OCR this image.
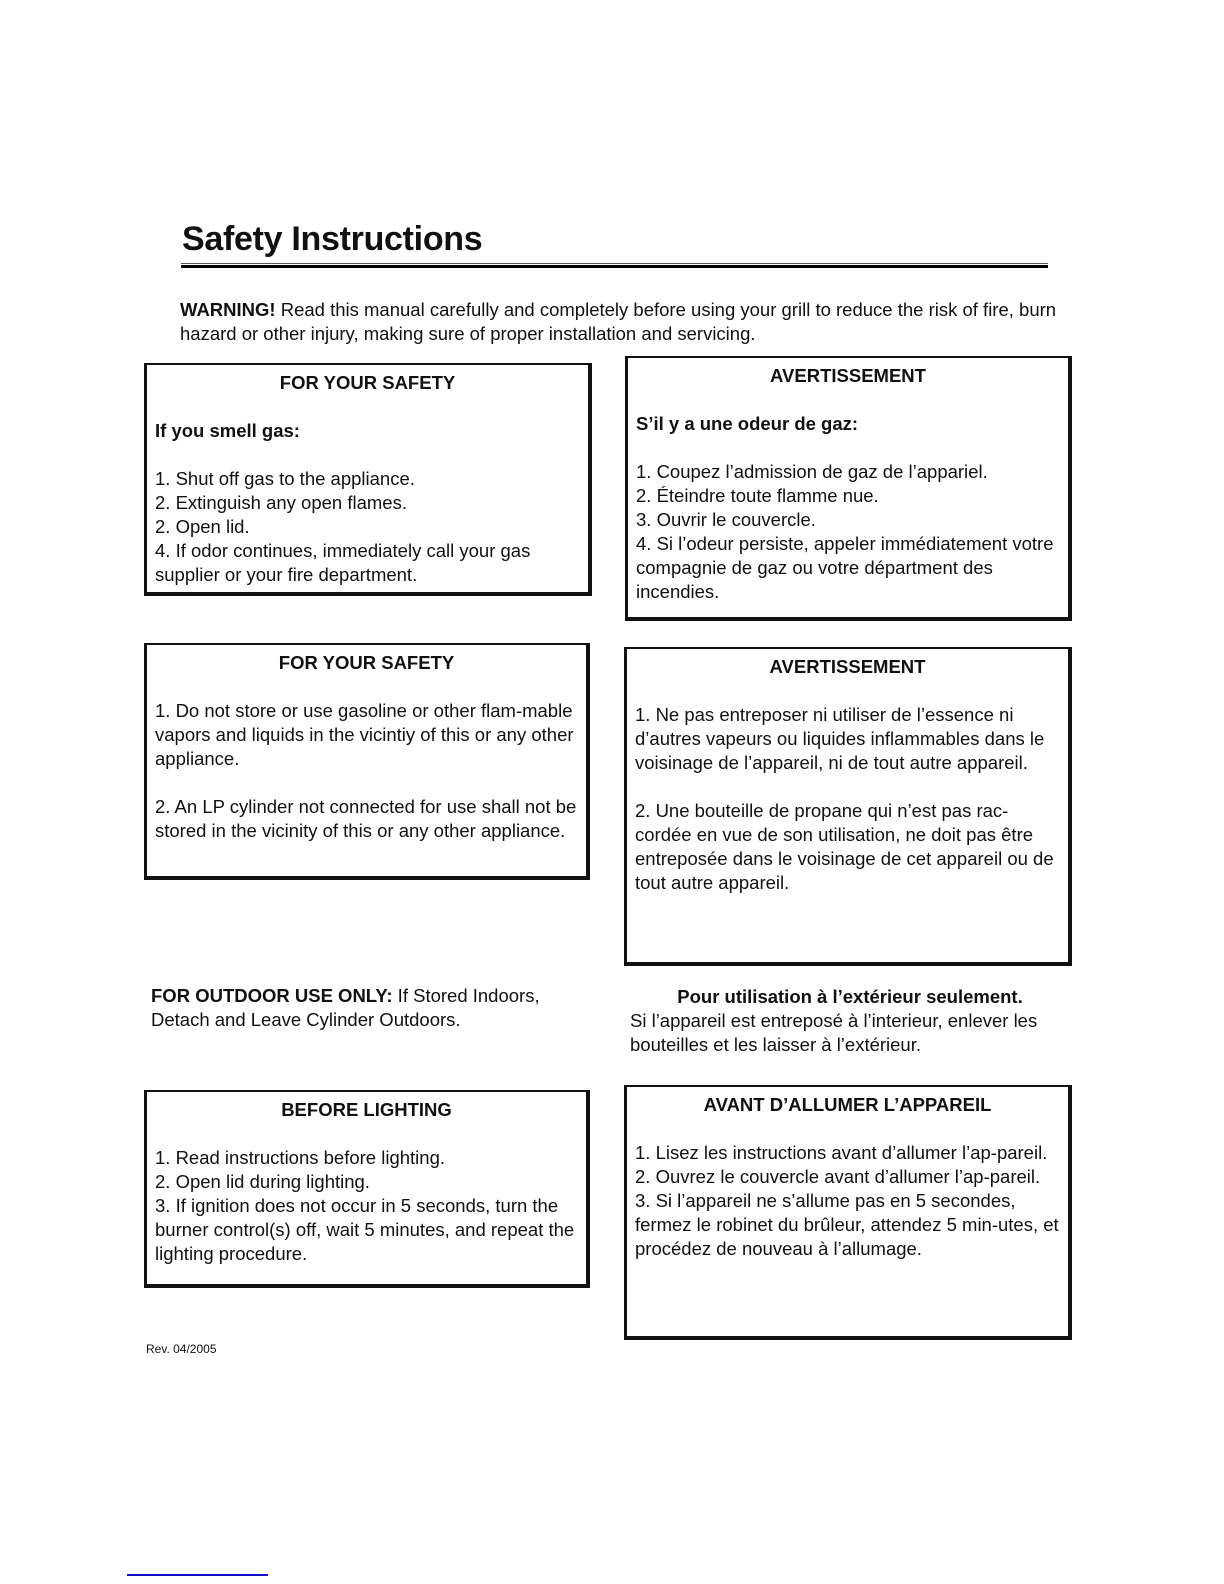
Safety Instructions

WARNING! Read this manual carefully and completely before using your grill to reduce the risk of fire, burn hazard or other injury, making sure of proper installation and servicing.

FOR YOUR SAFETY
If you smell gas:

1. Shut off gas to the appliance.

2. Extinguish any open flames.

2. Open lid.

4. If odor continues, immediately call your gas supplier or your fire department.

AVERTISSEMENT
S’il y a une odeur de gaz:

1. Coupez l’admission de gaz de l’appariel.

2. Éteindre toute flamme nue.

3. Ouvrir le couvercle.

4. Si l’odeur persiste, appeler immédiatement votre compagnie de gaz ou votre départment des incendies.

FOR YOUR SAFETY

1. Do not store or use gasoline or other flam-mable vapors and liquids in the vicintiy of this or any other appliance.

2. An LP cylinder not connected for use shall not be stored in the vicinity of this or any other appliance.

AVERTISSEMENT

1. Ne pas entreposer ni utiliser de l’essence ni d’autres vapeurs ou liquides inflammables dans le voisinage de l’appareil, ni de tout autre appareil.

2. Une bouteille de propane qui n’est pas rac-cordée en vue de son utilisation, ne doit pas être entreposée dans le voisinage de cet appareil ou de tout autre appareil.

FOR OUTDOOR USE ONLY: If Stored Indoors, Detach and Leave Cylinder Outdoors.

Pour utilisation à l’extérieur seulement.
Si l’appareil est entreposé à l’interieur, enlever les bouteilles et les laisser à l’extérieur.
BEFORE LIGHTING

1. Read instructions before lighting.

2. Open lid during lighting.

3. If ignition does not occur in 5 seconds, turn the burner control(s) off, wait 5 minutes, and repeat the lighting procedure.

AVANT D’ALLUMER L’APPAREIL

1. Lisez les instructions avant d’allumer l’ap-pareil.

2. Ouvrez le couvercle avant d’allumer l’ap-pareil.

3. Si l’appareil ne s’allume pas en 5 secondes, fermez le robinet du brûleur, attendez 5 min-utes, et procédez de nouveau à l’allumage.

Rev. 04/2005
